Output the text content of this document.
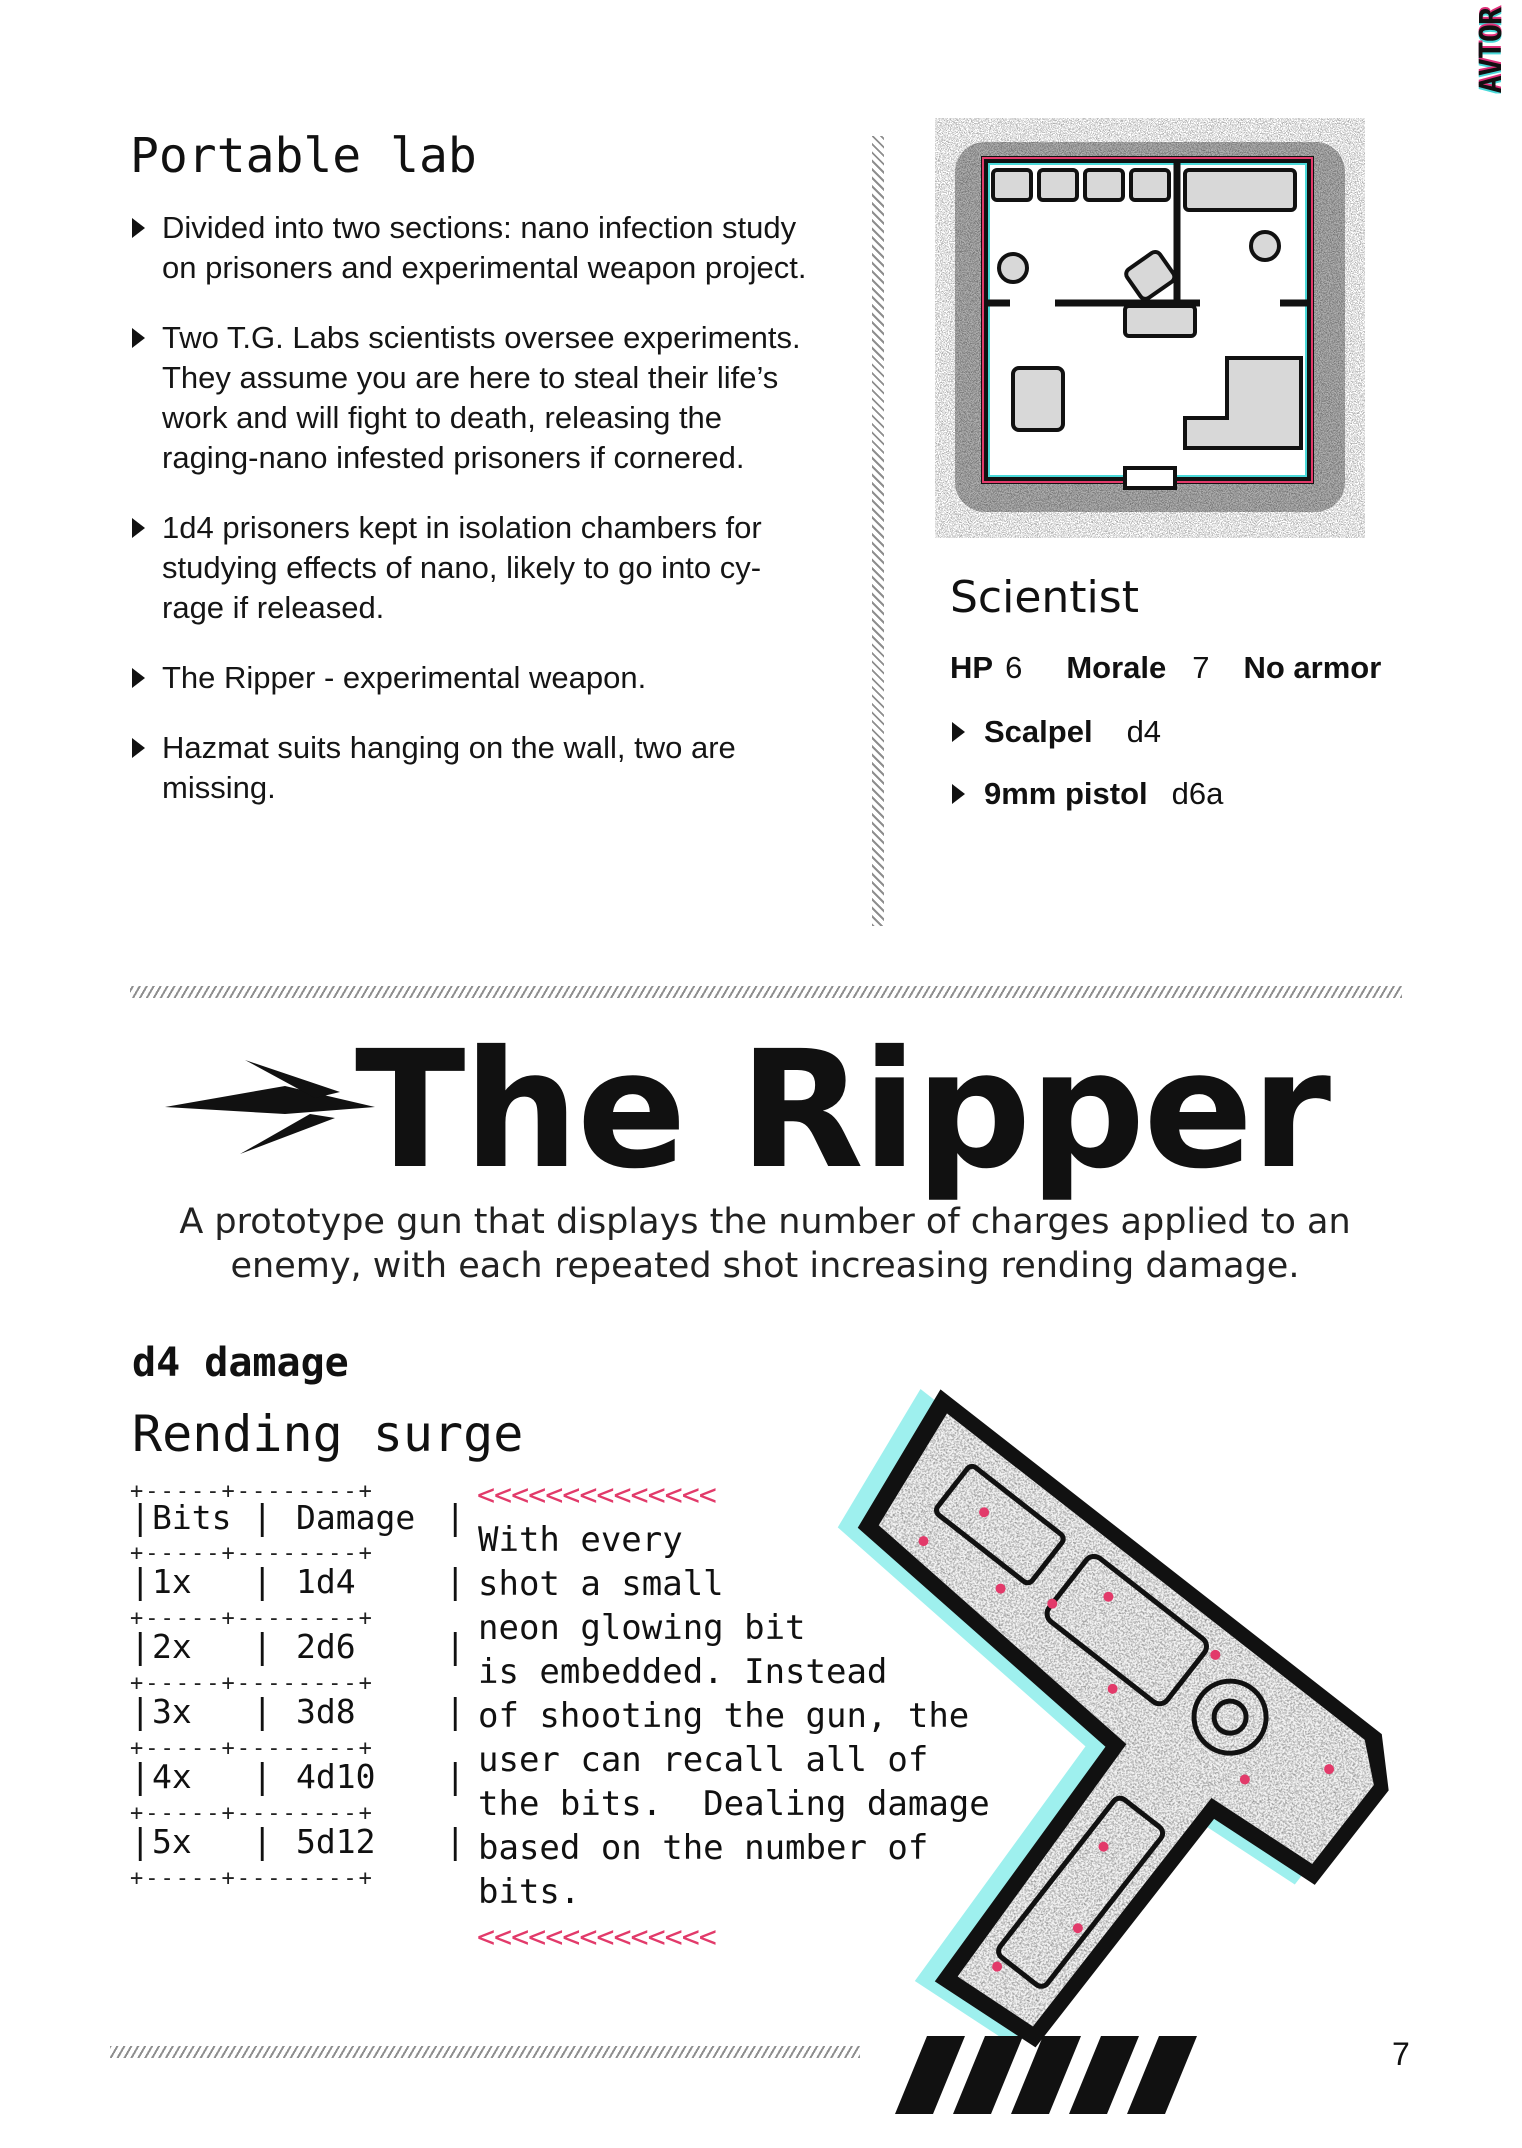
AVTOR
Portable lab
Divided into two sections: nano infection study on prisoners and experimental weapon project.
Two T.G. Labs scientists oversee experiments. They assume you are here to steal their life’s work and will fight to death, releasing the raging-nano infested prisoners if cornered.
1d4 prisoners kept in isolation chambers for studying effects of nano, likely to go into cy-rage if released.
The Ripper - experimental weapon.
Hazmat suits hanging on the wall, two are missing.
Scientist
HP 6 Morale 7 No armor
Scalpel d4
9mm pistol d6a
The Ripper
A prototype gun that displays the number of charges applied to an enemy, with each repeated shot increasing rending damage.
d4 damage
Rending surge
+-----+--------+
| Bits | Damage |
+-----+--------+
| 1x | 1d4	|
+-----+--------+
| 2x | 2d6	|
+-----+--------+
| 3x | 3d8	|
+-----+--------+
| 4x | 4d10 |
+-----+--------+
| 5x | 5d12 |
+-----+--------+
<<<<<<<<<<<<<<
With every
shot a small
neon glowing bit
is embedded. Instead
of shooting the gun, the
user can recall all of
the bits.  Dealing damage
based on the number of
bits.
<<<<<<<<<<<<<<
7
